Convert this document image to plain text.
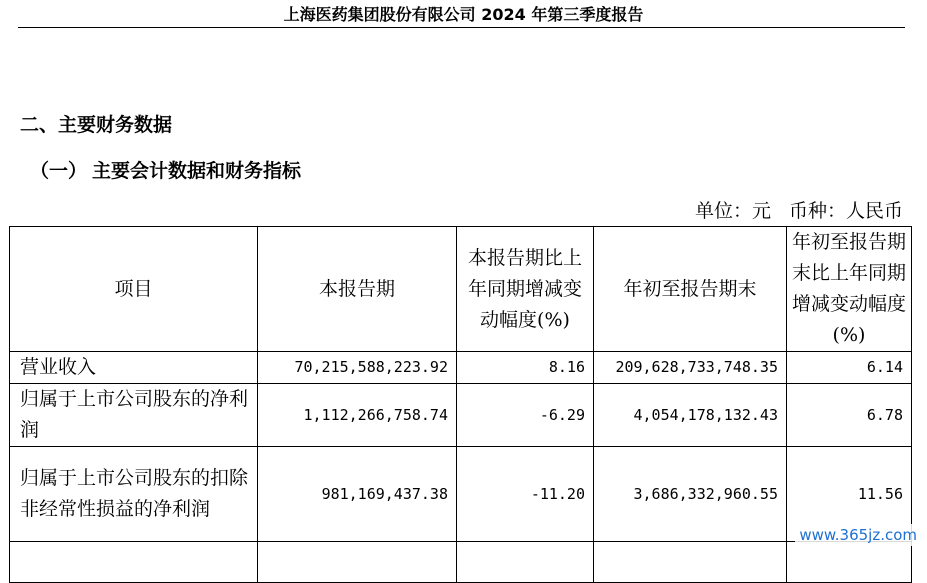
上海医药集团股份有限公司 2024 年第三季度报告
二、主要财务数据
（一） 主要会计数据和财务指标
单位：元 币种：人民币
项目	本报告期	本报告期比上年同期增减变动幅度(%)	年初至报告期末	年初至报告期末比上年同期增减变动幅度(%)
营业收入	70,215,588,223.92	8.16	209,628,733,748.35	6.14
归属于上市公司股东的净利润	1,112,266,758.74	-6.29	4,054,178,132.43	6.78
归属于上市公司股东的扣除非经常性损益的净利润	981,169,437.38	-11.20	3,686,332,960.55	11.56

www.365jz.com
